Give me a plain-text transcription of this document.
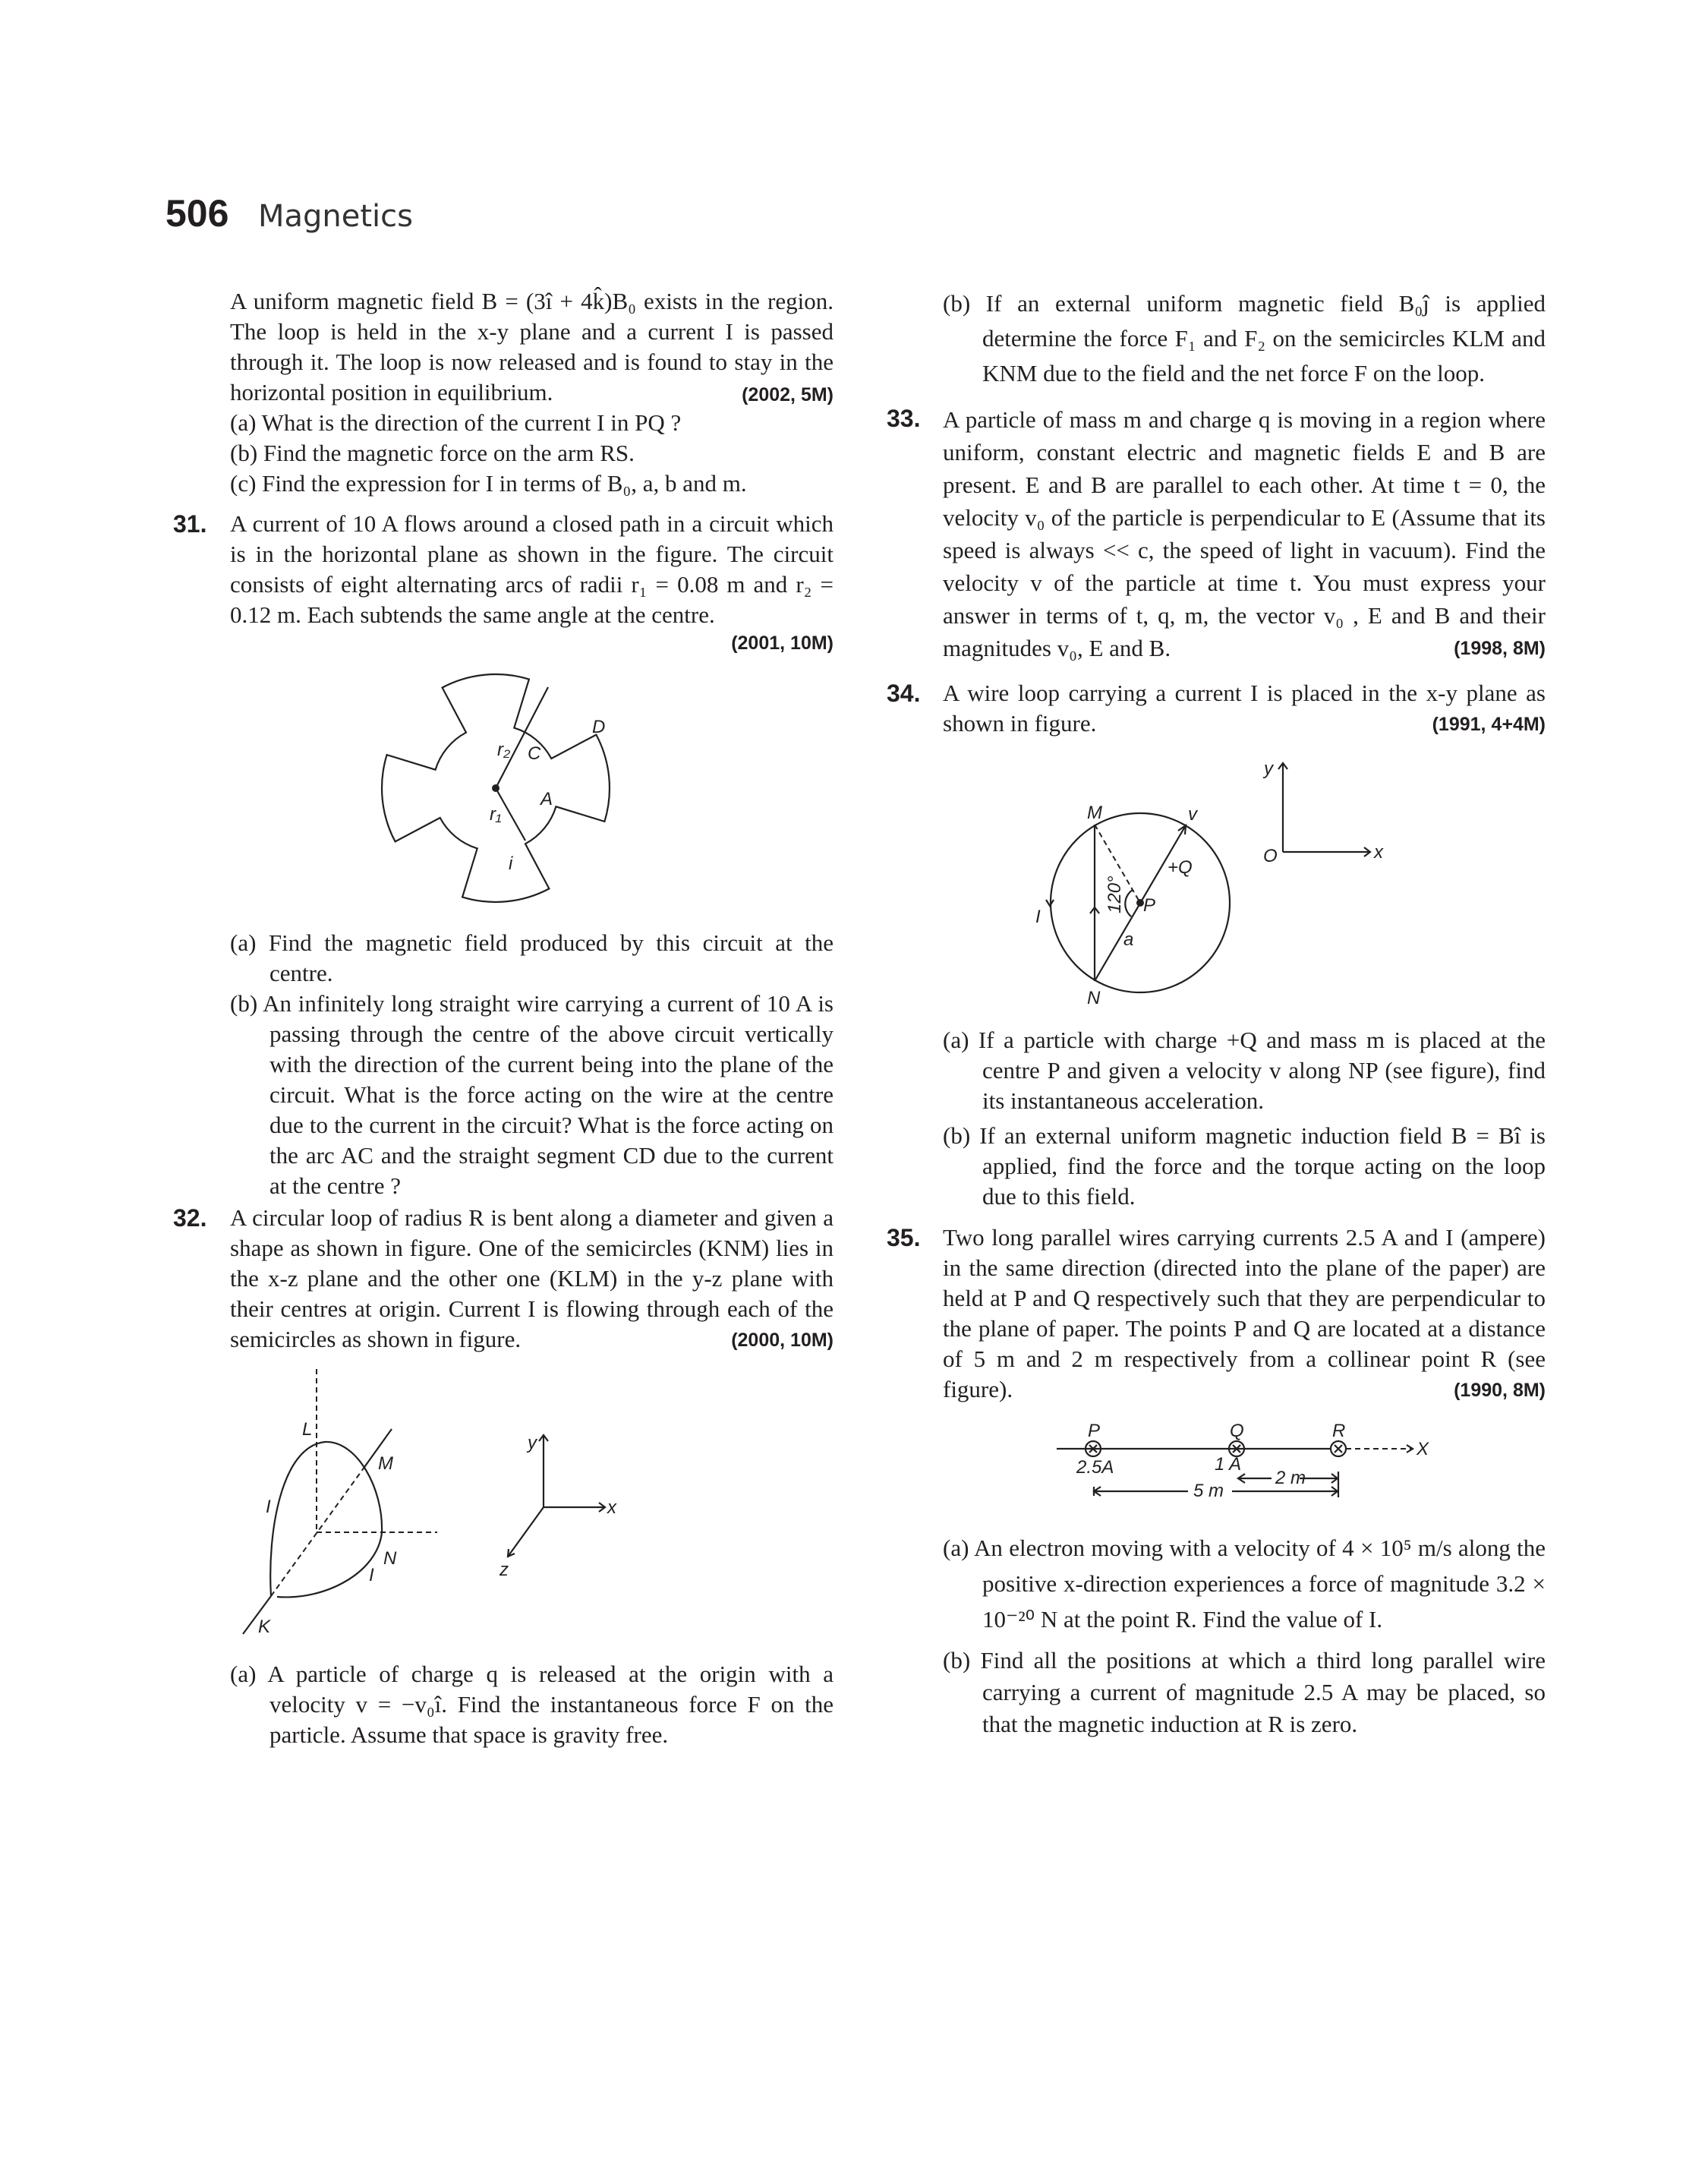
506 Magnetics
A uniform magnetic field B = (3î + 4k̂)B₀ exists in the region. The loop is held in the x-y plane and a current I is passed through it. The loop is now released and is found to stay in the horizontal position in equilibrium.	(2002, 5M)
(a) What is the direction of the current I in PQ ?
(b) Find the magnetic force on the arm RS.
(c) Find the expression for I in terms of B₀, a, b and m.
31. A current of 10 A flows around a closed path in a circuit which is in the horizontal plane as shown in the figure. The circuit consists of eight alternating arcs of radii r₁ = 0.08 m and r₂ = 0.12 m. Each subtends the same angle at the centre.
(2001, 10M)
r₂ C
D
A
r₁
i
(a) Find the magnetic field produced by this circuit at the centre.
(b) An infinitely long straight wire carrying a current of 10 A is passing through the centre of the above circuit vertically with the direction of the current being into the plane of the circuit. What is the force acting on the wire at the centre due to the current in the circuit? What is the force acting on the arc AC and the straight segment CD due to the current at the centre ?
32. A circular loop of radius R is bent along a diameter and given a shape as shown in figure. One of the semicircles (KNM) lies in the x-z plane and the other one (KLM) in the y-z plane with their centres at origin. Current I is flowing through each of the semicircles as shown in figure.	(2000, 10M)
L
M
N
K
I
I
y
x
z
(a) A particle of charge q is released at the origin with a velocity v = −v₀î. Find the instantaneous force F on the particle. Assume that space is gravity free.
(b) If an external uniform magnetic field B₀ĵ is applied determine the force F₁ and F₂ on the semicircles KLM and KNM due to the field and the net force F on the loop.
33. A particle of mass m and charge q is moving in a region where uniform, constant electric and magnetic fields E and B are present. E and B are parallel to each other. At time t = 0, the velocity v₀ of the particle is perpendicular to E (Assume that its speed is always << c, the speed of light in vacuum). Find the velocity v of the particle at time t. You must express your answer in terms of t, q, m, the vector v₀ , E and B and their magnitudes v₀, E and B.	(1998, 8M)
34. A wire loop carrying a current I is placed in the x-y plane as shown in figure.	(1991, 4+4M)
M	v
+Q
P
a
I
N
120°
y
x
O
(a) If a particle with charge +Q and mass m is placed at the centre P and given a velocity v along NP (see figure), find its instantaneous acceleration.
(b) If an external uniform magnetic induction field B = Bî is applied, find the force and the torque acting on the loop due to this field.
35. Two long parallel wires carrying currents 2.5 A and I (ampere) in the same direction (directed into the plane of the paper) are held at P and Q respectively such that they are perpendicular to the plane of paper. The points P and Q are located at a distance of 5 m and 2 m respectively from a collinear point R (see figure).	(1990, 8M)
P	Q	R
X
2.5A	1 A
2 m
5 m
(a) An electron moving with a velocity of 4 × 10⁵ m/s along the positive x-direction experiences a force of magnitude 3.2 × 10⁻²⁰ N at the point R. Find the value of I.
(b) Find all the positions at which a third long parallel wire carrying a current of magnitude 2.5 A may be placed, so that the magnetic induction at R is zero.
